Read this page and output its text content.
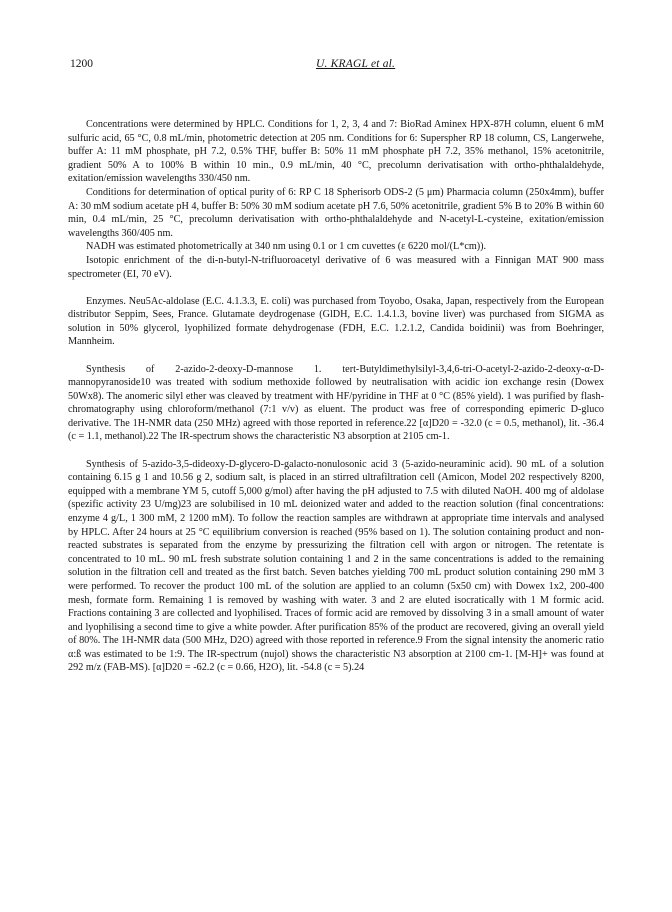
1200	U. KRAGL et al.

Concentrations were determined by HPLC. Conditions for 1, 2, 3, 4 and 7: BioRad Aminex HPX-87H column, eluent 6 mM sulfuric acid, 65 °C, 0.8 mL/min, photometric detection at 205 nm. Conditions for 6: Superspher RP 18 column, CS, Langerwehe, buffer A: 11 mM phosphate, pH 7.2, 0.5% THF, buffer B: 50% 11 mM phosphate pH 7.2, 35% methanol, 15% acetonitrile, gradient 50% A to 100% B within 10 min., 0.9 mL/min, 40 °C, precolumn derivatisation with ortho-phthalaldehyde, exitation/emission wavelengths 330/450 nm.

Conditions for determination of optical purity of 6: RP C 18 Spherisorb ODS-2 (5 μm) Pharmacia column (250x4mm), buffer A: 30 mM sodium acetate pH 4, buffer B: 50% 30 mM sodium acetate pH 7.6, 50% acetonitrile, gradient 5% B to 20% B within 60 min, 0.4 mL/min, 25 °C, precolumn derivatisation with ortho-phthalaldehyde and N-acetyl-L-cysteine, exitation/emission wavelengths 360/405 nm.

NADH was estimated photometrically at 340 nm using 0.1 or 1 cm cuvettes (ε 6220 mol/(L*cm)).

Isotopic enrichment of the di-n-butyl-N-trifluoroacetyl derivative of 6 was measured with a Finnigan MAT 900 mass spectrometer (EI, 70 eV).

Enzymes. Neu5Ac-aldolase (E.C. 4.1.3.3, E. coli) was purchased from Toyobo, Osaka, Japan, respectively from the European distributor Seppim, Sees, France. Glutamate deydrogenase (GlDH, E.C. 1.4.1.3, bovine liver) was purchased from SIGMA as solution in 50% glycerol, lyophilized formate dehydrogenase (FDH, E.C. 1.2.1.2, Candida boidinii) was from Boehringer, Mannheim.

Synthesis of 2-azido-2-deoxy-D-mannose 1. tert-Butyldimethylsilyl-3,4,6-tri-O-acetyl-2-azido-2-deoxy-α-D-mannopyranoside10 was treated with sodium methoxide followed by neutralisation with acidic ion exchange resin (Dowex 50Wx8). The anomeric silyl ether was cleaved by treatment with HF/pyridine in THF at 0 °C (85% yield). 1 was purified by flash-chromatography using chloroform/methanol (7:1 v/v) as eluent. The product was free of corresponding epimeric D-gluco derivative. The 1H-NMR data (250 MHz) agreed with those reported in reference.22 [α]D20 = -32.0 (c = 0.5, methanol), lit. -36.4 (c = 1.1, methanol).22 The IR-spectrum shows the characteristic N3 absorption at 2105 cm-1.

Synthesis of 5-azido-3,5-dideoxy-D-glycero-D-galacto-nonulosonic acid 3 (5-azido-neuraminic acid). 90 mL of a solution containing 6.15 g 1 and 10.56 g 2, sodium salt, is placed in an stirred ultrafiltration cell (Amicon, Model 202 respectively 8200, equipped with a membrane YM 5, cutoff 5,000 g/mol) after having the pH adjusted to 7.5 with diluted NaOH. 400 mg of aldolase (spezific activity 23 U/mg)23 are solubilised in 10 mL deionized water and added to the reaction solution (final concentrations: enzyme 4 g/L, 1 300 mM, 2 1200 mM). To follow the reaction samples are withdrawn at appropriate time intervals and analysed by HPLC. After 24 hours at 25 °C equilibrium conversion is reached (95% based on 1). The solution containing product and non-reacted substrates is separated from the enzyme by pressurizing the filtration cell with argon or nitrogen. The retentate is concentrated to 10 mL. 90 mL fresh substrate solution containing 1 and 2 in the same concentrations is added to the remaining solution in the filtration cell and treated as the first batch. Seven batches yielding 700 mL product solution containing 290 mM 3 were performed. To recover the product 100 mL of the solution are applied to an column (5x50 cm) with Dowex 1x2, 200-400 mesh, formate form. Remaining 1 is removed by washing with water. 3 and 2 are eluted isocratically with 1 M formic acid. Fractions containing 3 are collected and lyophilised. Traces of formic acid are removed by dissolving 3 in a small amount of water and lyophilising a second time to give a white powder. After purification 85% of the product are recovered, giving an overall yield of 80%. The 1H-NMR data (500 MHz, D2O) agreed with those reported in reference.9 From the signal intensity the anomeric ratio α:ß was estimated to be 1:9. The IR-spectrum (nujol) shows the characteristic N3 absorption at 2100 cm-1. [M-H]+ was found at 292 m/z (FAB-MS). [α]D20 = -62.2 (c = 0.66, H2O), lit. -54.8 (c = 5).24
